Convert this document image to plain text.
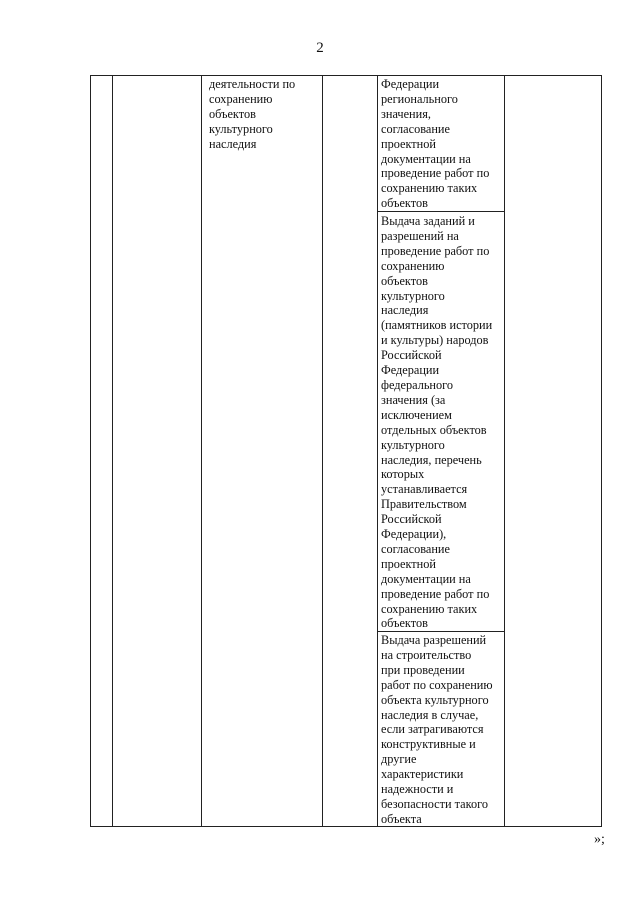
2
деятельности по
сохранению
объектов
культурного
наследия
Федерации
регионального
значения,
согласование
проектной
документации на
проведение работ по
сохранению таких
объектов
Выдача заданий и
разрешений на
проведение работ по
сохранению
объектов
культурного
наследия
(памятников истории
и культуры) народов
Российской
Федерации
федерального
значения (за
исключением
отдельных объектов
культурного
наследия, перечень
которых
устанавливается
Правительством
Российской
Федерации),
согласование
проектной
документации на
проведение работ по
сохранению таких
объектов
Выдача разрешений
на строительство
при проведении
работ по сохранению
объекта культурного
наследия в случае,
если затрагиваются
конструктивные и
другие
характеристики
надежности и
безопасности такого
объекта
»;
